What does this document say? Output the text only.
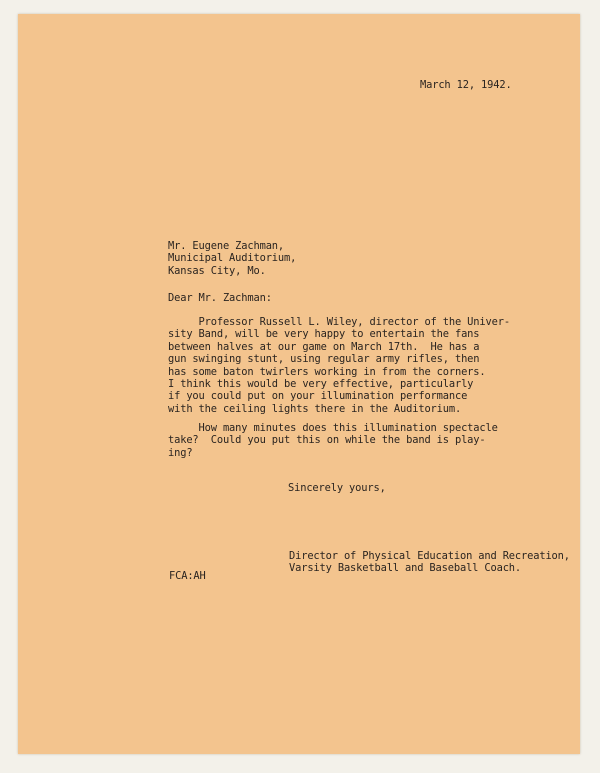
March 12, 1942.
Mr. Eugene Zachman,
Municipal Auditorium,
Kansas City, Mo.
Dear Mr. Zachman:
Professor Russell L. Wiley, director of the Univer-
sity Band, will be very happy to entertain the fans
between halves at our game on March 17th.  He has a
gun swinging stunt, using regular army rifles, then
has some baton twirlers working in from the corners.
I think this would be very effective, particularly
if you could put on your illumination performance
with the ceiling lights there in the Auditorium.
How many minutes does this illumination spectacle
take?  Could you put this on while the band is play-
ing?
Sincerely yours,
Director of Physical Education and Recreation,
Varsity Basketball and Baseball Coach.
FCA:AH
